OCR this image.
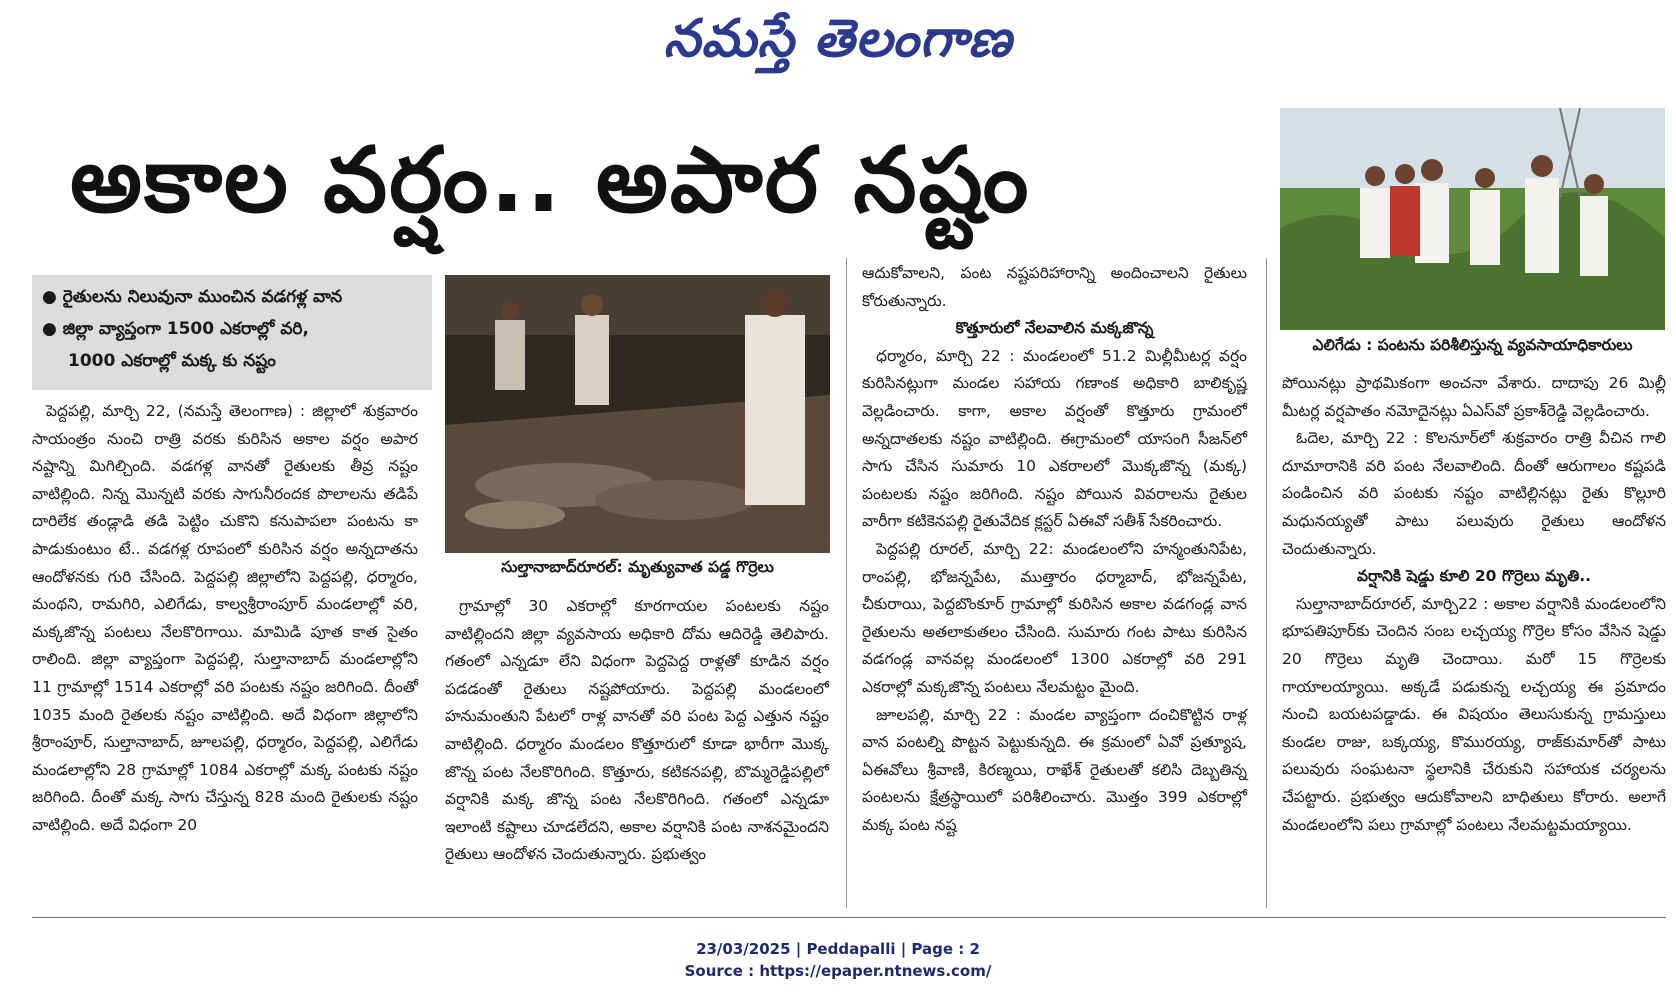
నమస్తే తెలంగాణ
అకాల వర్షం.. అపార నష్టం
● రైతులను నిలువునా ముంచిన వడగళ్ల వాన
● జిల్లా వ్యాప్తంగా 1500 ఎకరాల్లో వరి,
1000 ఎకరాల్లో మక్క కు నష్టం

పెద్దపల్లి, మార్చి 22, (నమస్తే తెలంగాణ) : జిల్లాలో శుక్రవారం సాయంత్రం నుంచి రాత్రి వరకు కురిసిన అకాల వర్షం అపార నష్టాన్ని మిగిల్చింది. వడగళ్ల వానతో రైతులకు తీవ్ర నష్టం వాటిల్లింది. నిన్న మొన్నటి వరకు సాగునీరందక పొలాలను తడిపే దారిలేక తండ్లాడి తడి పెట్టిం చుకొని కనుపాపలా పంటను కా పాడుకుంటుం టే.. వడగళ్ల రూపంలో కురిసిన వర్షం అన్నదాతను ఆందోళనకు గురి చేసింది. పెద్దపల్లి జిల్లాలోని పెద్దపల్లి, ధర్మారం, మంథని, రామగిరి, ఎలిగేడు, కాల్వశ్రీరాంపూర్ మండలాల్లో వరి, మక్కజొన్న పంటలు నేలకొరిగాయి. మామిడి పూత కాత సైతం రాలింది. జిల్లా వ్యాప్తంగా పెద్దపల్లి, సుల్తానాబాద్ మండలాల్లోని 11 గ్రామాల్లో 1514 ఎకరాల్లో వరి పంటకు నష్టం జరిగింది. దీంతో 1035 మంది రైతలకు నష్టం వాటిల్లింది. అదే విధంగా జిల్లాలోని శ్రీరాంపూర్, సుల్తానాబాద్, జూలపల్లి, ధర్మారం, పెద్దపల్లి, ఎలిగేడు మండలాల్లోని 28 గ్రామాల్లో 1084 ఎకరాల్లో మక్క పంటకు నష్టం జరిగింది. దీంతో మక్క సాగు చేస్తున్న 828 మంది రైతులకు నష్టం వాటిల్లింది. అదే విధంగా 20

సుల్తానాబాద్‌రూరల్: మృత్యువాత పడ్డ గొర్రెలు

గ్రామాల్లో 30 ఎకరాల్లో కూరగాయల పంటలకు నష్టం వాటిల్లిందని జిల్లా వ్యవసాయ అధికారి దోమ ఆదిరెడ్డి తెలిపారు. గతంలో ఎన్నడూ లేని విధంగా పెద్దపెద్ద రాళ్లతో కూడిన వర్షం పడడంతో రైతులు నష్టపోయారు. పెద్దపల్లి మండలంలో హనుమంతుని పేటలో రాళ్ల వానతో వరి పంట పెద్ద ఎత్తున నష్టం వాటిల్లింది. ధర్మారం మండలం కొత్తూరులో కూడా భారీగా మొక్క జొన్న పంట నేలకొరిగింది. కొత్తూరు, కటికనపల్లి, బొమ్మరెడ్డిపల్లిలో వర్షానికి మక్క జొన్న పంట నేలకొరిగింది. గతంలో ఎన్నడూ ఇలాంటి కష్టాలు చూడలేదని, అకాల వర్షానికి పంట నాశనమైందని రైతులు ఆందోళన చెందుతున్నారు. ప్రభుత్వం

ఆదుకోవాలని, పంట నష్టపరిహారాన్ని అందించాలని రైతులు కోరుతున్నారు.

కొత్తూరులో నేలవాలిన మక్కజొన్న

ధర్మారం, మార్చి 22 : మండలంలో 51.2 మిల్లీమీటర్ల వర్షం కురిసినట్లుగా మండల సహాయ గణాంక అధికారి బాలికృష్ణ వెల్లడించారు. కాగా, అకాల వర్షంతో కొత్తూరు గ్రామంలో అన్నదాతలకు నష్టం వాటిల్లింది. ఈగ్రామంలో యాసంగి సీజన్‌లో సాగు చేసిన సుమారు 10 ఎకరాలలో మొక్కజొన్న (మక్క) పంటలకు నష్టం జరిగింది. నష్టం పోయిన వివరాలను రైతుల వారీగా కటికెనపల్లి రైతువేదిక క్లస్టర్ ఏఈవో సతీశ్ సేకరించారు.

పెద్దపల్లి రూరల్, మార్చి 22: మండలంలోని హన్మంతునిపేట, రాంపల్లి, భోజన్నపేట, ముత్తారం ధర్మాబాద్, భోజన్నపేట, చీకురాయి, పెద్దబొంకూర్ గ్రామాల్లో కురిసిన అకాల వడగండ్ల వాన రైతులను అతలాకుతలం చేసింది. సుమారు గంట పాటు కురిసిన వడగండ్ల వానవల్ల మండలంలో 1300 ఎకరాల్లో వరి 291 ఎకరాల్లో మక్కజొన్న పంటలు నేలమట్టం మైంది.

జూలపల్లి, మార్చి 22 : మండల వ్యాప్తంగా దంచికొట్టిన రాళ్ల వాన పంటల్ని పొట్టన పెట్టుకున్నది. ఈ క్రమంలో ఏవో ప్రత్యూష, ఏఈవోలు శ్రీవాణి, కిరణ్మయి, రాఖేశ్ రైతులతో కలిసి దెబ్బతిన్న పంటలను క్షేత్రస్థాయిలో పరిశీలించారు. మొత్తం 399 ఎకరాల్లో మక్క పంట నష్ట

ఎలిగేడు : పంటను పరిశీలిస్తున్న వ్యవసాయాధికారులు

పోయినట్లు ప్రాథమికంగా అంచనా వేశారు. దాదాపు 26 మిల్లీ మీటర్ల వర్షపాతం నమోదైనట్లు ఏఎస్‌వో ప్రకాశ్‌రెడ్డి వెల్లడించారు.

ఓదెల, మార్చి 22 : కొలనూర్‌లో శుక్రవారం రాత్రి వీచిన గాలి దూమారానికి వరి పంట నేలవాలింది. దీంతో ఆరుగాలం కష్టపడి పండించిన వరి పంటకు నష్టం వాటిల్లినట్లు రైతు కొల్లూరి మధునయ్యతో పాటు పలువురు రైతులు ఆందోళన చెందుతున్నారు.

వర్షానికి షెడ్డు కూలి 20 గొర్రెలు మృతి..

సుల్తానాబాద్‌రూరల్, మార్చి22 : అకాల వర్షానికి మండలంలోని భూపతిపూర్‌కు చెందిన సంబ లచ్చయ్య గొర్రెల కోసం వేసిన షెడ్డు 20 గొర్రెలు మృతి చెందాయి. మరో 15 గొర్రెలకు గాయాలయ్యాయి. అక్కడే పడుకున్న లచ్చయ్య ఈ ప్రమాదం నుంచి బయటపడ్డాడు. ఈ విషయం తెలుసుకున్న గ్రామస్తులు కుండల రాజు, బక్కయ్య, కొమురయ్య, రాజ్‌కుమార్‌తో పాటు పలువురు సంఘటనా స్థలానికి చేరుకుని సహాయక చర్యలను చేపట్టారు. ప్రభుత్వం ఆదుకోవాలని బాధితులు కోరారు. అలాగే మండలంలోని పలు గ్రామాల్లో పంటలు నేలమట్టమయ్యాయి.

23/03/2025 | Peddapalli | Page : 2
Source : https://epaper.ntnews.com/
